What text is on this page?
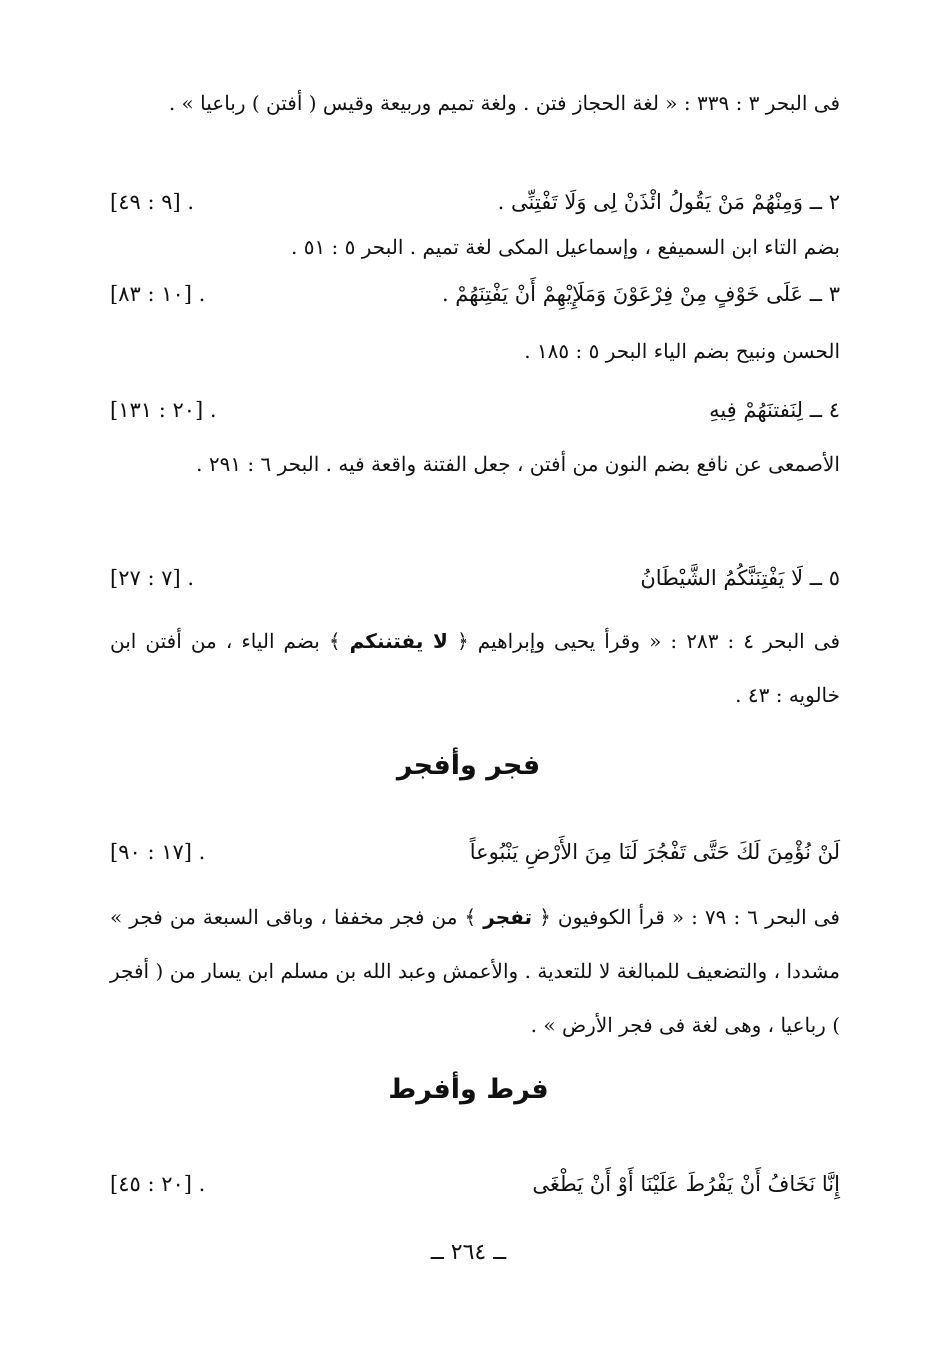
فى البحر ٣ : ٣٣٩ : « لغة الحجاز فتن . ولغة تميم وربيعة وقيس ( أفتن ) رباعيا » .
٢ ــ وَمِنْهُمْ مَنْ يَقُولُ ائْذَنْ لِى وَلَا تَفْتِنِّى .
[٩ : ٤٩] .
بضم التاء ابن السميفع ، وإسماعيل المكى لغة تميم . البحر ٥ : ٥١ .
٣ ــ عَلَى خَوْفٍ مِنْ فِرْعَوْنَ وَمَلَإِيْهِمْ أَنْ يَفْتِنَهُمْ .
[١٠ : ٨٣] .
الحسن ونبيح بضم الياء البحر ٥ : ١٨٥ .
٤ ــ لِنَفتنَهُمْ فِيهِ
[٢٠ : ١٣١] .
الأصمعى عن نافع بضم النون من أفتن ، جعل الفتنة واقعة فيه . البحر ٦ : ٢٩١ .
٥ ــ لَا يَفْتِنَنَّكُمُ الشَّيْطَانُ
[٧ : ٢٧] .
فى البحر ٤ : ٢٨٣ : « وقرأ يحيى وإبراهيم ﴿ لا يفتننكم ﴾ بضم الياء ، من أفتن ابن خالويه : ٤٣ .
فجر وأفجر
لَنْ نُؤْمِنَ لَكَ حَتَّى تَفْجُرَ لَنَا مِنَ الأَرْضِ يَنْبُوعاً
[١٧ : ٩٠] .
فى البحر ٦ : ٧٩ : « قرأ الكوفيون ﴿ تفجر ﴾ من فجر مخففا ، وباقى السبعة من فجر » مشددا ، والتضعيف للمبالغة لا للتعدية . والأعمش وعبد الله بن مسلم ابن يسار من ( أفجر ) رباعيا ، وهى لغة فى فجر الأرض » .
فرط وأفرط
إِنَّا نَخَافُ أَنْ يَفْرُطَ عَلَيْنَا أَوْ أَنْ يَطْغَى
[٢٠ : ٤٥] .
ــ ٢٦٤ ــ
